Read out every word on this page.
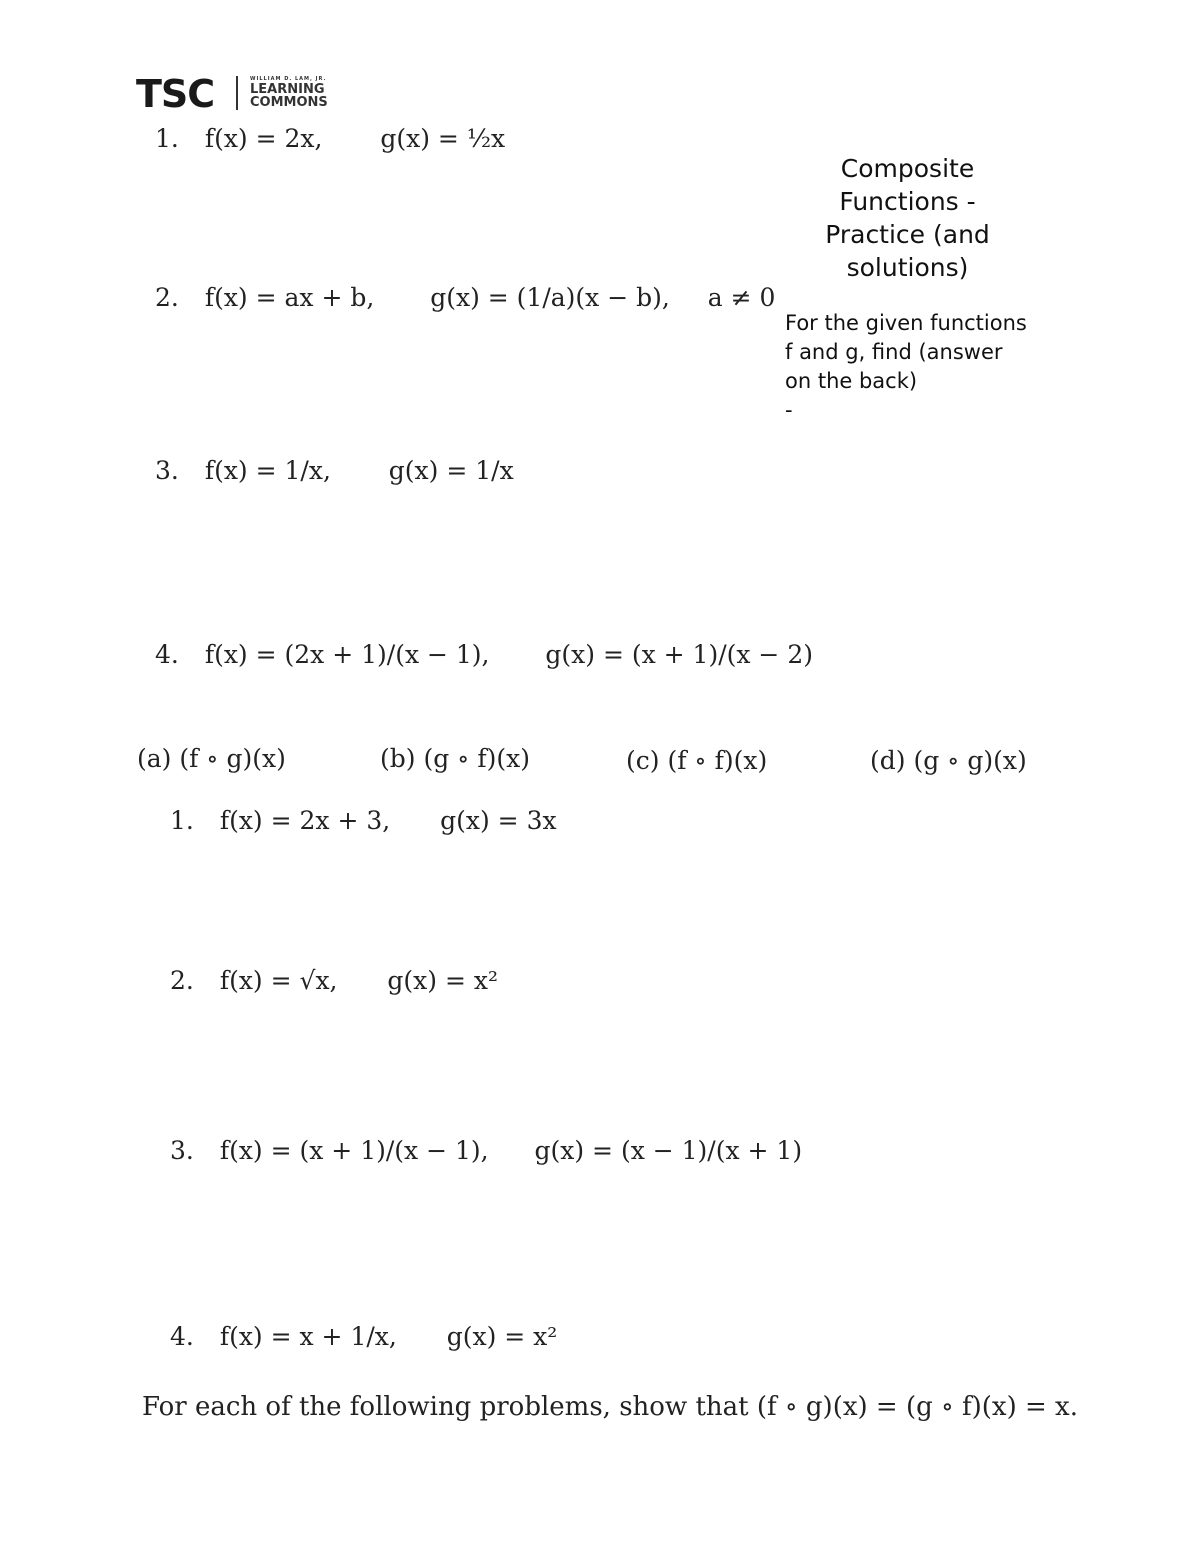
TSC	WILLIAM D. LAM, JR.
LEARNING
COMMONS
Composite Functions - Practice (and solutions)
For the given functions f and g, find (answer on the back)
-
1. f(x) = 2x, g(x) = ½x
2. f(x) = ax + b, g(x) = (1/a)(x − b), a ≠ 0
3. f(x) = 1/x, g(x) = 1/x
4. f(x) = (2x + 1)/(x − 1), g(x) = (x + 1)/(x − 2)
(a) (f ∘ g)(x)	(b) (g ∘ f)(x)	(c) (f ∘ f)(x)	(d) (g ∘ g)(x)
1. f(x) = 2x + 3, g(x) = 3x
2. f(x) = √x, g(x) = x²
3. f(x) = (x + 1)/(x − 1), g(x) = (x − 1)/(x + 1)
4. f(x) = x + 1/x, g(x) = x²
For each of the following problems, show that (f ∘ g)(x) = (g ∘ f)(x) = x.
